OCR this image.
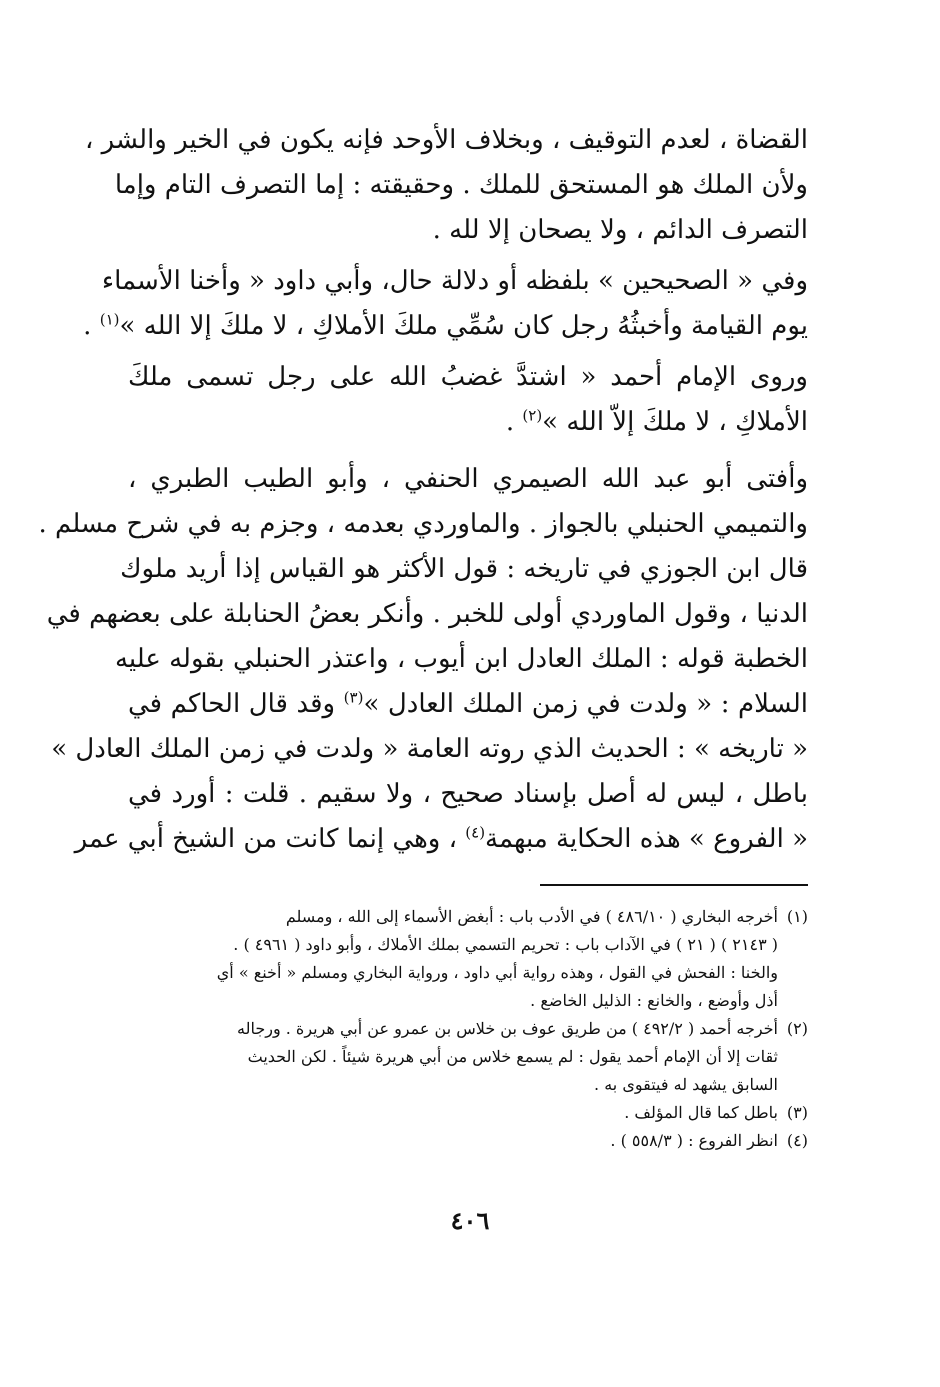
القضاة ، لعدم التوقيف ، وبخلاف الأوحد فإنه يكون في الخير والشر ،
ولأن الملك هو المستحق للملك . وحقيقته : إما التصرف التام وإما
التصرف الدائم ، ولا يصحان إلا لله .

وفي « الصحيحين » بلفظه أو دلالة حال، وأبي داود « وأخنا الأسماء
يوم القيامة وأخبثُهُ رجل كان سُمِّي ملكَ الأملاكِ ، لا ملكَ إلا الله »$^{(١)}$ .

وروى الإمام أحمد « اشتدَّ غضبُ الله على رجل تسمى ملكَ
الأملاكِ ، لا ملكَ إلاّ الله »$^{(٢)}$ .

وأفتى أبو عبد الله الصيمري الحنفي ، وأبو الطيب الطبري ،
والتميمي الحنبلي بالجواز . والماوردي بعدمه ، وجزم به في شرح مسلم .
قال ابن الجوزي في تاريخه : قول الأكثر هو القياس إذا أريد ملوك
الدنيا ، وقول الماوردي أولى للخبر . وأنكر بعضُ الحنابلة على بعضهم في
الخطبة قوله : الملك العادل ابن أيوب ، واعتذر الحنبلي بقوله عليه
السلام : « ولدت في زمن الملك العادل »$^{(٣)}$ وقد قال الحاكم في
« تاريخه » : الحديث الذي روته العامة « ولدت في زمن الملك العادل »
باطل ، ليس له أصل بإسناد صحيح ، ولا سقيم . قلت : أورد في
« الفروع » هذه الحكاية مبهمة$^{(٤)}$ ، وهي إنما كانت من الشيخ أبي عمر

(١)أخرجه البخاري ( ٤٨٦/١٠ ) في الأدب باب : أبغض الأسماء إلى الله ، ومسلم
( ٢١٤٣ ) ( ٢١ ) في الآداب باب : تحريم التسمي بملك الأملاك ، وأبو داود ( ٤٩٦١ ) .
والخنا : الفحش في القول ، وهذه رواية أبي داود ، ورواية البخاري ومسلم « أخنع » أي
أذل وأوضع ، والخانع : الذليل الخاضع .
(٢)أخرجه أحمد ( ٤٩٢/٢ ) من طريق عوف بن خلاس بن عمرو عن أبي هريرة . ورجاله
ثقات إلا أن الإمام أحمد يقول : لم يسمع خلاس من أبي هريرة شيئاً . لكن الحديث
السابق يشهد له فيتقوى به .
(٣)باطل كما قال المؤلف .
(٤)انظر الفروع : ( ٥٥٨/٣ ) .
٤٠٦
